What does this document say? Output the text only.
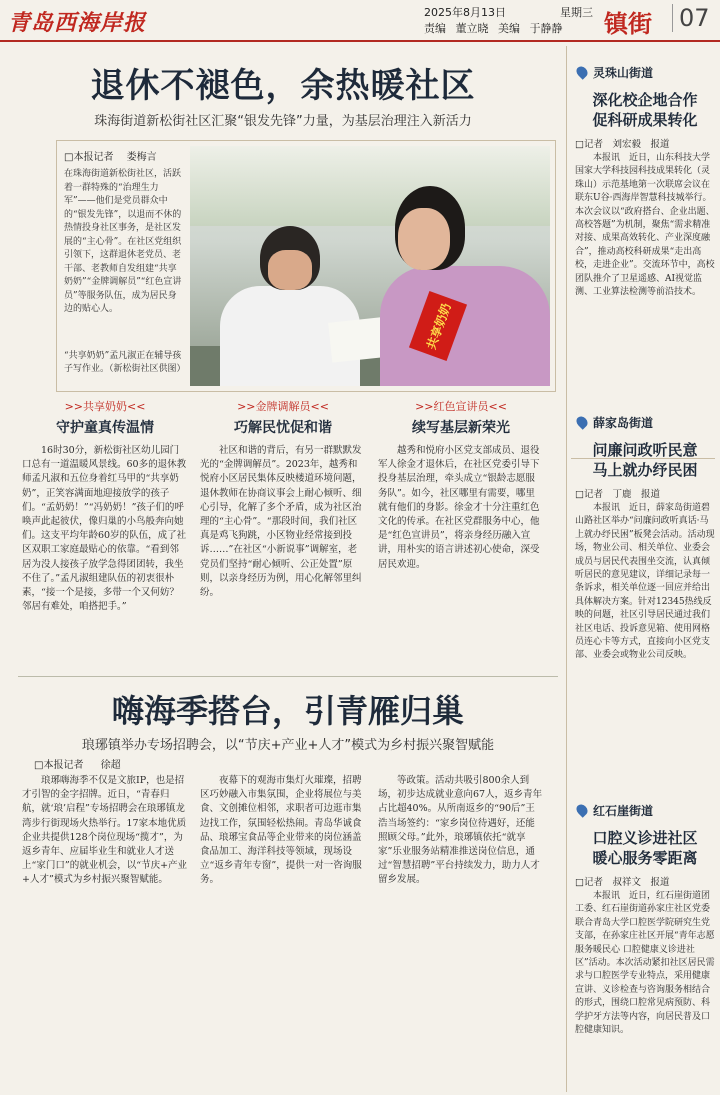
青岛西海岸报	2025年8月13日
责编 董立晓 美编 于静静
星期三 镇街 07
退休不褪色，余热暖社区
珠海街道新松街社区汇聚“银发先锋”力量，为基层治理注入新活力
□本报记者 娄梅言
在珠海街道新松街社区，活跃着一群特殊的“治理生力军”——他们是党员群众中的“银发先锋”，以退而不休的热情投身社区事务，是社区发展的“主心骨”。在社区党组织引领下，这群退休老党员、老干部、老教师自发组建“共享奶奶”“金牌调解员”“红色宣讲员”等服务队伍，成为居民身边的贴心人。
“共享奶奶”孟凡淑正在辅导孩子写作业。（新松街社区供图）
共享奶奶
>>共享奶奶<<
守护童真传温情
>>金牌调解员<<
巧解民忧促和谐
>>红色宣讲员<<
续写基层新荣光
16时30分，新松街社区幼儿园门口总有一道温暖风景线。60多的退休教师孟凡淑和五位身着红马甲的“共享奶奶”，正笑容满面地迎接放学的孩子们。“孟奶奶！”“冯奶奶！”孩子们的呼唤声此起彼伏，像归巢的小鸟般奔向她们。这支平均年龄60岁的队伍，成了社区双职工家庭最贴心的依靠。“看到邻居为没人接孩子放学急得团团转，我坐不住了。”孟凡淑组建队伍的初衷很朴素，“接一个是接，多带一个又何妨？邻居有难处，咱搭把手。”
社区和谐的背后，有另一群默默发光的“金牌调解员”。2023年，越秀和悦府小区居民集体反映楼道环境问题，退休教师在协商议事会上耐心倾听、细心引导，化解了多个矛盾，成为社区治理的“主心骨”。“那段时间，我们社区真是鸡飞狗跳，小区物业经常接到投诉……”在社区“小新说事”调解室，老党员们坚持“耐心倾听、公正处置”原则，以亲身经历为例，用心化解邻里纠纷。
越秀和悦府小区党支部成员、退役军人徐金才退休后，在社区党委引导下投身基层治理，牵头成立“银龄志愿服务队”。如今，社区哪里有需要，哪里就有他们的身影。徐金才十分注重红色文化的传承。在社区党群服务中心，他是“红色宣讲员”，将亲身经历融入宣讲，用朴实的语言讲述初心使命，深受居民欢迎。
嗨海季搭台，引青雁归巢
琅琊镇举办专场招聘会，以“节庆+产业+人才”模式为乡村振兴聚智赋能
□本报记者 徐超
琅琊嗨海季不仅是文旅IP，也是招才引智的金字招牌。近日，“青春归航，就‘琅’启程”专场招聘会在琅琊镇龙湾步行街现场火热举行。17家本地优质企业共提供128个岗位现场“揽才”，为返乡青年、应届毕业生和就业人才送上“家门口”的就业机会，以“节庆+产业+人才”模式为乡村振兴聚智赋能。
夜幕下的观海市集灯火璀璨，招聘区巧妙融入市集氛围，企业将展位与美食、文创摊位相邻，求职者可边逛市集边找工作，氛围轻松热闹。青岛华诚食品、琅琊宝食品等企业带来的岗位涵盖食品加工、海洋科技等领域，现场设立“返乡青年专窗”，提供一对一咨询服务。
等政策。活动共吸引800余人到场，初步达成就业意向67人，返乡青年占比超40%。从所南返乡的“90后”王浩当场签约：“家乡岗位待遇好，还能照顾父母。”此外，琅琊镇依托“就享家”乐业服务站精准推送岗位信息，通过“智慧招聘”平台持续发力，助力人才留乡发展。
灵珠山街道
深化校企地合作
促科研成果转化
□记者　刘宏毅　报道
本报讯　近日，山东科技大学国家大学科技园科技成果转化（灵珠山）示范基地第一次联席会议在联东U谷·西海岸智慧科技城举行。本次会议以“政府搭台、企业出题、高校答题”为机制，聚焦“需求精准对接、成果高效转化、产业深度融合”，推动高校科研成果“走出高校，走进企业”。交流环节中，高校团队推介了卫星遥感、AI视觉监测、工业算法检测等前沿技术。
薛家岛街道
问廉问政听民意
马上就办纾民困
□记者　丁鹿　报道
本报讯　近日，薛家岛街道碧山路社区举办“问廉问政听真话·马上就办纾民困”板凳会活动。活动现场，物业公司、相关单位、业委会成员与居民代表围坐交流，认真倾听居民的意见建议，详细记录每一条诉求，相关单位逐一回应并给出具体解决方案。针对12345热线反映的问题，社区引导居民通过我们社区电话、投诉意见箱、使用网格员连心卡等方式，直接向小区党支部、业委会或物业公司反映。
红石崖街道
口腔义诊进社区
暖心服务零距离
□记者　叔祥文　报道
本报讯　近日，红石崖街道团工委、红石崖街道孙家庄社区党委联合青岛大学口腔医学院研究生党支部，在孙家庄社区开展“青年志愿服务暖民心 口腔健康义诊进社区”活动。本次活动紧扣社区居民需求与口腔医学专业特点，采用健康宣讲、义诊检查与咨询服务相结合的形式，围绕口腔常见病预防、科学护牙方法等内容，向居民普及口腔健康知识。
